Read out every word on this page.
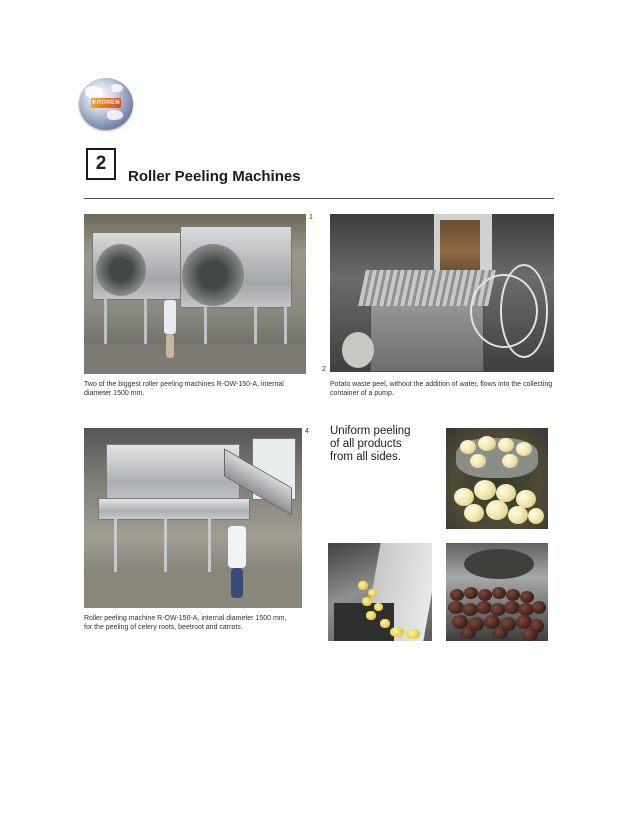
KRONEN
2
Roller Peeling Machines
1
Two of the biggest roller peeling machines R-OW-150-A, internal diameter 1500 mm.
2
Potato waste peel, without the addition of water, flows into the collecting container of a pump.
4
Roller peeling machine R-OW-150-A, internal diameter 1500 mm, for the peeling of celery roots, beetroot and carrots.
Uniform peeling
of all products
from all sides.
